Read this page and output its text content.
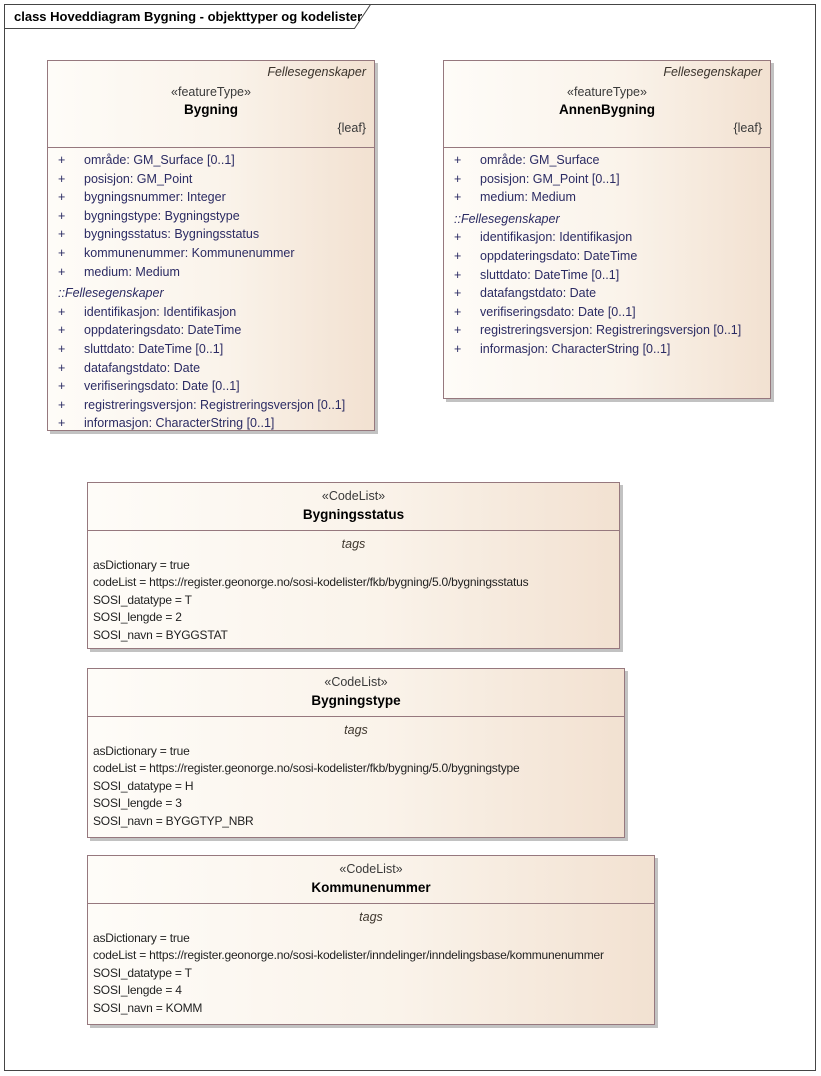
class Hoveddiagram Bygning - objekttyper og kodelister
Fellesegenskaper
«featureType»
Bygning
{leaf}
+	område: GM_Surface [0..1]
+	posisjon: GM_Point
+	bygningsnummer: Integer
+	bygningstype: Bygningstype
+	bygningsstatus: Bygningsstatus
+	kommunenummer: Kommunenummer
+	medium: Medium
::Fellesegenskaper
+	identifikasjon: Identifikasjon
+	oppdateringsdato: DateTime
+	sluttdato: DateTime [0..1]
+	datafangstdato: Date
+	verifiseringsdato: Date [0..1]
+	registreringsversjon: Registreringsversjon [0..1]
+	informasjon: CharacterString [0..1]
Fellesegenskaper
«featureType»
AnnenBygning
{leaf}
+	område: GM_Surface
+	posisjon: GM_Point [0..1]
+	medium: Medium
::Fellesegenskaper
+	identifikasjon: Identifikasjon
+	oppdateringsdato: DateTime
+	sluttdato: DateTime [0..1]
+	datafangstdato: Date
+	verifiseringsdato: Date [0..1]
+	registreringsversjon: Registreringsversjon [0..1]
+	informasjon: CharacterString [0..1]
«CodeList»
Bygningsstatus
tags
asDictionary = true
codeList = https://register.geonorge.no/sosi-kodelister/fkb/bygning/5.0/bygningsstatus
SOSI_datatype = T
SOSI_lengde = 2
SOSI_navn = BYGGSTAT
«CodeList»
Bygningstype
tags
asDictionary = true
codeList = https://register.geonorge.no/sosi-kodelister/fkb/bygning/5.0/bygningstype
SOSI_datatype = H
SOSI_lengde = 3
SOSI_navn = BYGGTYP_NBR
«CodeList»
Kommunenummer
tags
asDictionary = true
codeList = https://register.geonorge.no/sosi-kodelister/inndelinger/inndelingsbase/kommunenummer
SOSI_datatype = T
SOSI_lengde = 4
SOSI_navn = KOMM
